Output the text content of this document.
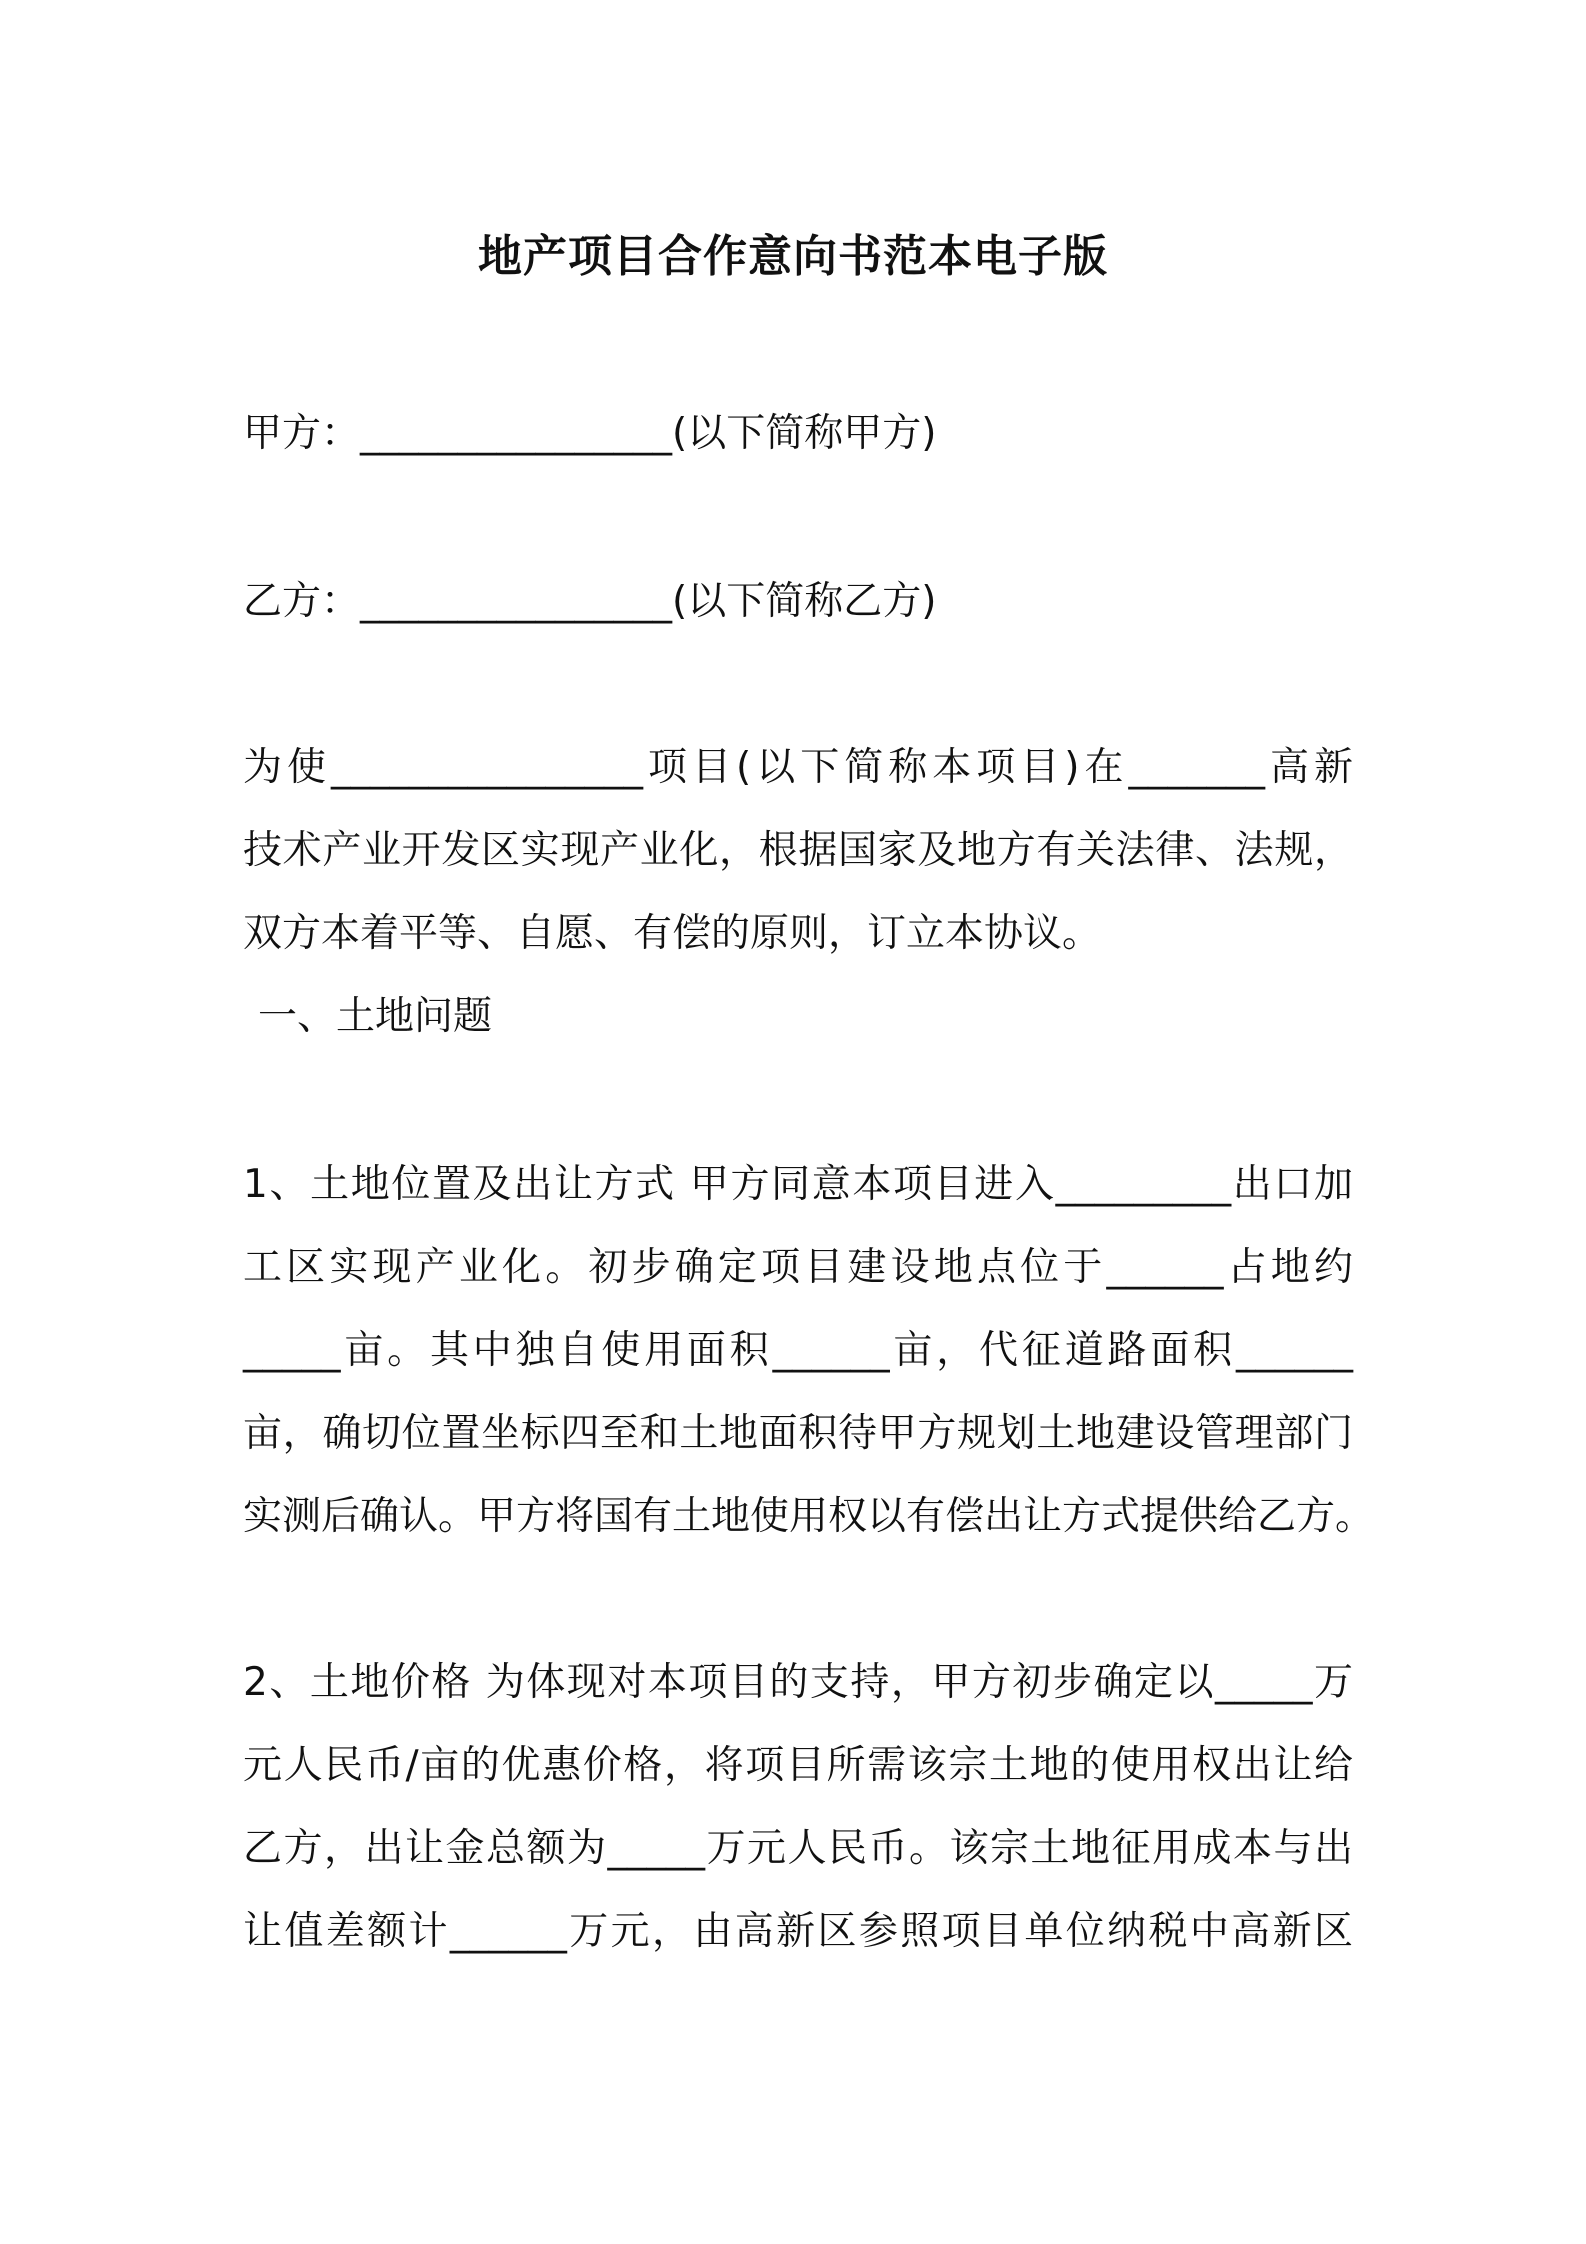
地产项目合作意向书范本电子版
甲方：________________(以下简称甲方)
乙方：________________(以下简称乙方)
为使________________项目(以下简称本项目)在_______高新
技术产业开发区实现产业化，根据国家及地方有关法律、法规，
双方本着平等、自愿、有偿的原则，订立本协议。
一、土地问题
1、土地位置及出让方式 甲方同意本项目进入_________出口加
工区实现产业化。初步确定项目建设地点位于______占地约
_____亩。其中独自使用面积______亩，代征道路面积______
亩，确切位置坐标四至和土地面积待甲方规划土地建设管理部门
实测后确认。甲方将国有土地使用权以有偿出让方式提供给乙方。
2、土地价格 为体现对本项目的支持，甲方初步确定以_____万
元人民币/亩的优惠价格，将项目所需该宗土地的使用权出让给
乙方，出让金总额为_____万元人民币。该宗土地征用成本与出
让值差额计______万元，由高新区参照项目单位纳税中高新区
